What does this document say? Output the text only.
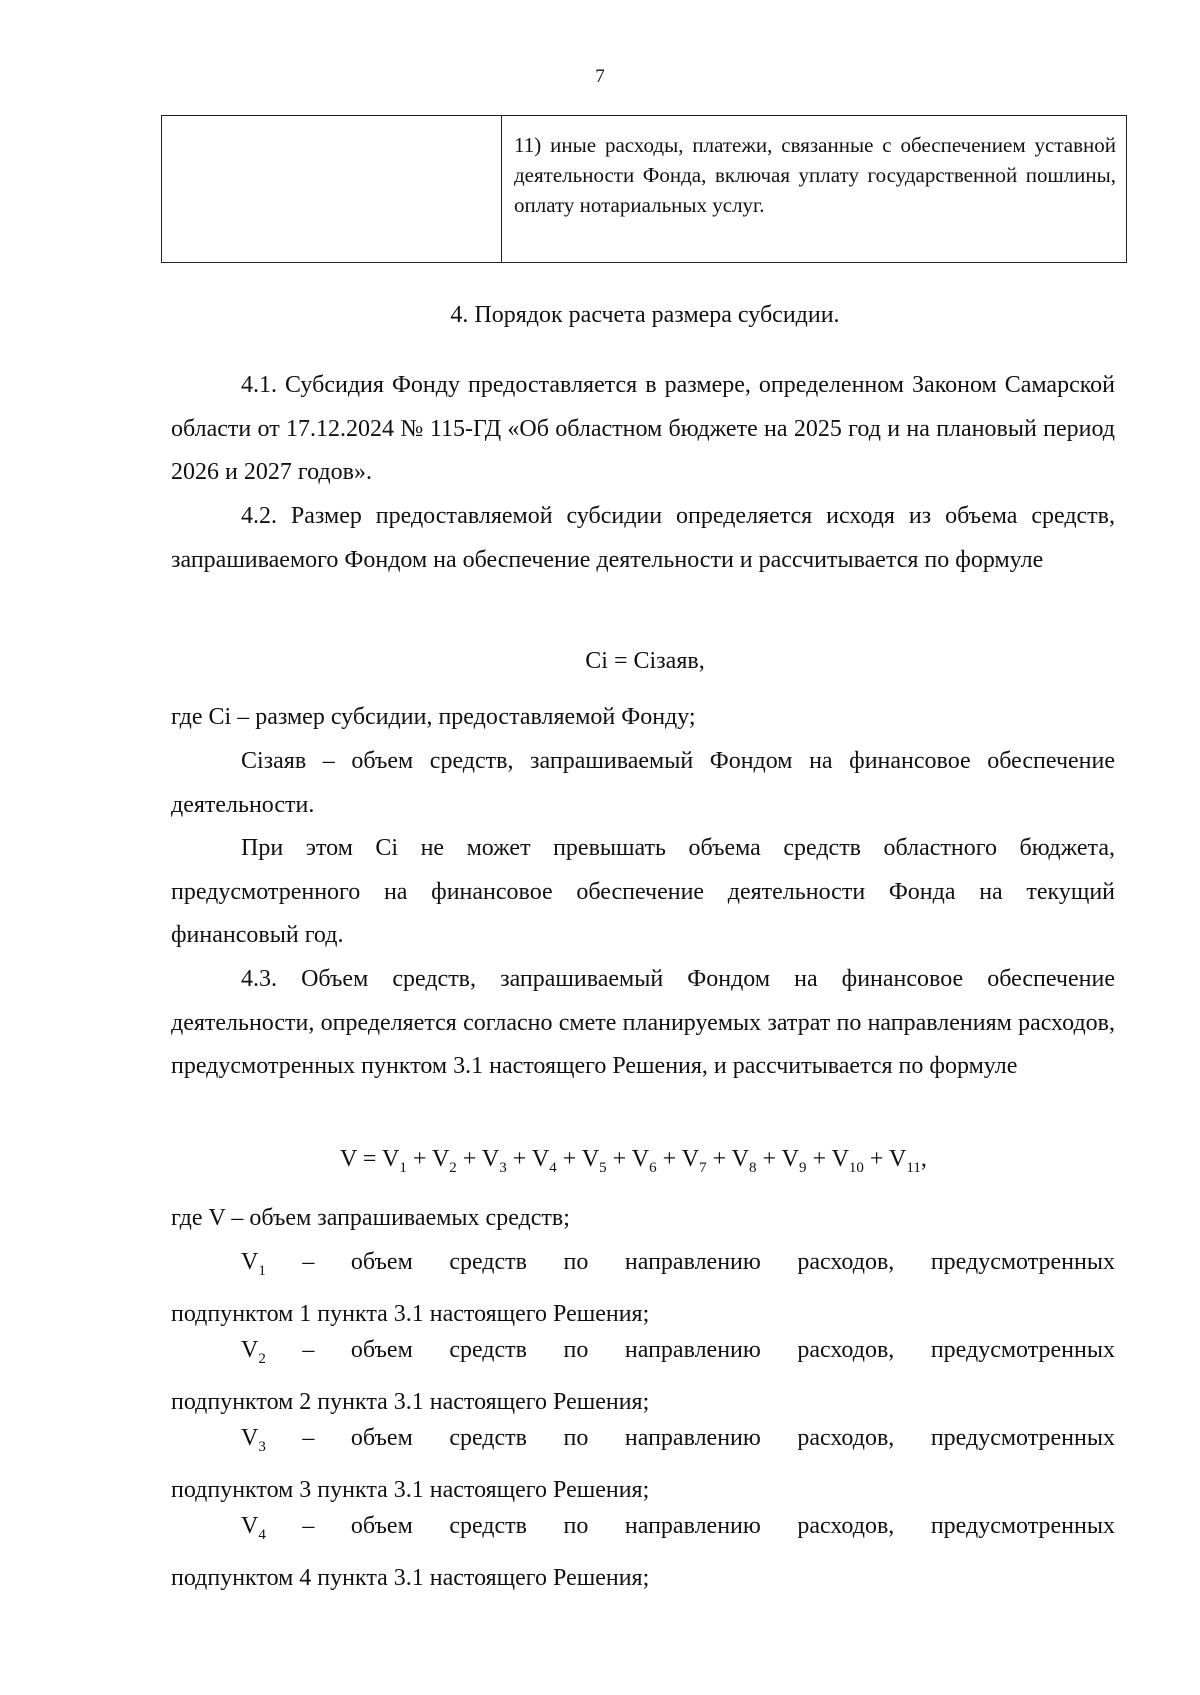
7
11) иные расходы, платежи, связанные с обеспечением уставной деятельности Фонда, включая уплату государственной пошлины, оплату нотариальных услуг.
4. Порядок расчета размера субсидии.

4.1. Субсидия Фонду предоставляется в размере, определенном Законом Самарской области от 17.12.2024 № 115-ГД «Об областном бюджете на 2025 год и на плановый период 2026 и 2027 годов».

4.2. Размер предоставляемой субсидии определяется исходя из объема средств, запрашиваемого Фондом на обеспечение деятельности и рассчитывается по формуле

Ci = Ciзаяв,

где Ci – размер субсидии, предоставляемой Фонду;

Ciзаяв – объем средств, запрашиваемый Фондом на финансовое обеспечение деятельности.

При этом Ci не может превышать объема средств областного бюджета, предусмотренного на финансовое обеспечение деятельности Фонда на текущий финансовый год.

4.3. Объем средств, запрашиваемый Фондом на финансовое обеспечение деятельности, определяется согласно смете планируемых затрат по направлениям расходов, предусмотренных пунктом 3.1 настоящего Решения, и рассчитывается по формуле

$V = V_1 + V_2 + V_3 + V_4 + V_5 + V_6 + V_7 + V_8 + V_9 + V_{10} + V_{11}$,

где V – объем запрашиваемых средств;

$V_1$ – объем средств по направлению расходов, предусмотренных
подпунктом 1 пункта 3.1 настоящего Решения;
$V_2$ – объем средств по направлению расходов, предусмотренных
подпунктом 2 пункта 3.1 настоящего Решения;
$V_3$ – объем средств по направлению расходов, предусмотренных
подпунктом 3 пункта 3.1 настоящего Решения;
$V_4$ – объем средств по направлению расходов, предусмотренных
подпунктом 4 пункта 3.1 настоящего Решения;
